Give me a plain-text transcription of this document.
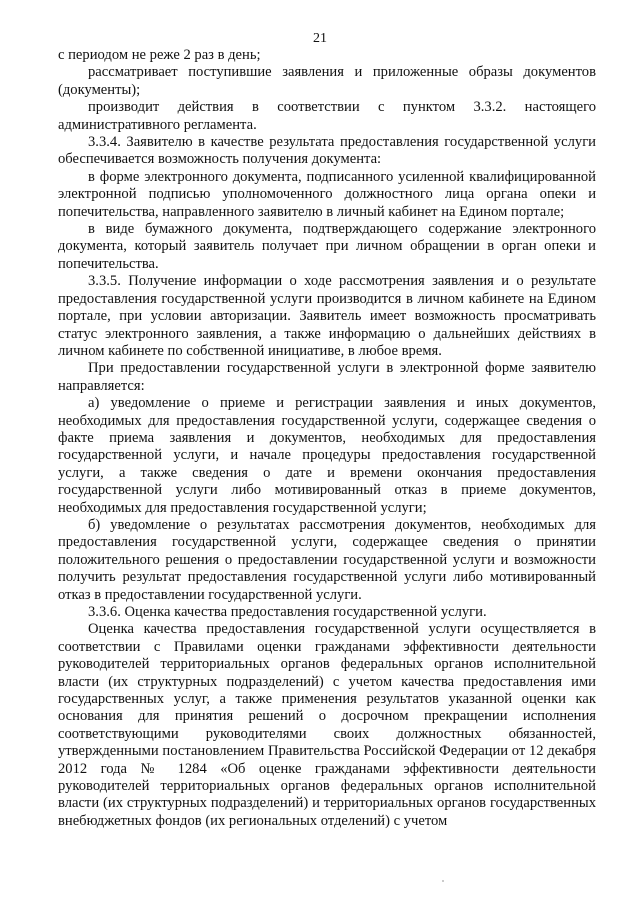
21

с периодом не реже 2 раз в день;

рассматривает поступившие заявления и приложенные образы документов (документы);

производит действия в соответствии с пунктом 3.3.2. настоящего административного регламента.

3.3.4. Заявителю в качестве результата предоставления государственной услуги обеспечивается возможность получения документа:

в форме электронного документа, подписанного усиленной квалифицированной электронной подписью уполномоченного должностного лица органа опеки и попечительства, направленного заявителю в личный кабинет на Едином портале;

в виде бумажного документа, подтверждающего содержание электронного документа, который заявитель получает при личном обращении в орган опеки и попечительства.

3.3.5. Получение информации о ходе рассмотрения заявления и о результате предоставления государственной услуги производится в личном кабинете на Едином портале, при условии авторизации. Заявитель имеет возможность просматривать статус электронного заявления, а также информацию о дальнейших действиях в личном кабинете по собственной инициативе, в любое время.

При предоставлении государственной услуги в электронной форме заявителю направляется:

а) уведомление о приеме и регистрации заявления и иных документов, необходимых для предоставления государственной услуги, содержащее сведения о факте приема заявления и документов, необходимых для предоставления государственной услуги, и начале процедуры предоставления государственной услуги, а также сведения о дате и времени окончания предоставления государственной услуги либо мотивированный отказ в приеме документов, необходимых для предоставления государственной услуги;

б) уведомление о результатах рассмотрения документов, необходимых для предоставления государственной услуги, содержащее сведения о принятии положительного решения о предоставлении государственной услуги и возможности получить результат предоставления государственной услуги либо мотивированный отказ в предоставлении государственной услуги.

3.3.6. Оценка качества предоставления государственной услуги.

Оценка качества предоставления государственной услуги осуществляется в соответствии с Правилами оценки гражданами эффективности деятельности руководителей территориальных органов федеральных органов исполнительной власти (их структурных подразделений) с учетом качества предоставления ими государственных услуг, а также применения результатов указанной оценки как основания для принятия решений о досрочном прекращении исполнения соответствующими руководителями своих должностных обязанностей, утвержденными постановлением Правительства Российской Федерации от 12 декабря 2012 года № 1284 «Об оценке гражданами эффективности деятельности руководителей территориальных органов федеральных органов исполнительной власти (их структурных подразделений) и территориальных органов государственных внебюджетных фондов (их региональных отделений) с учетом
